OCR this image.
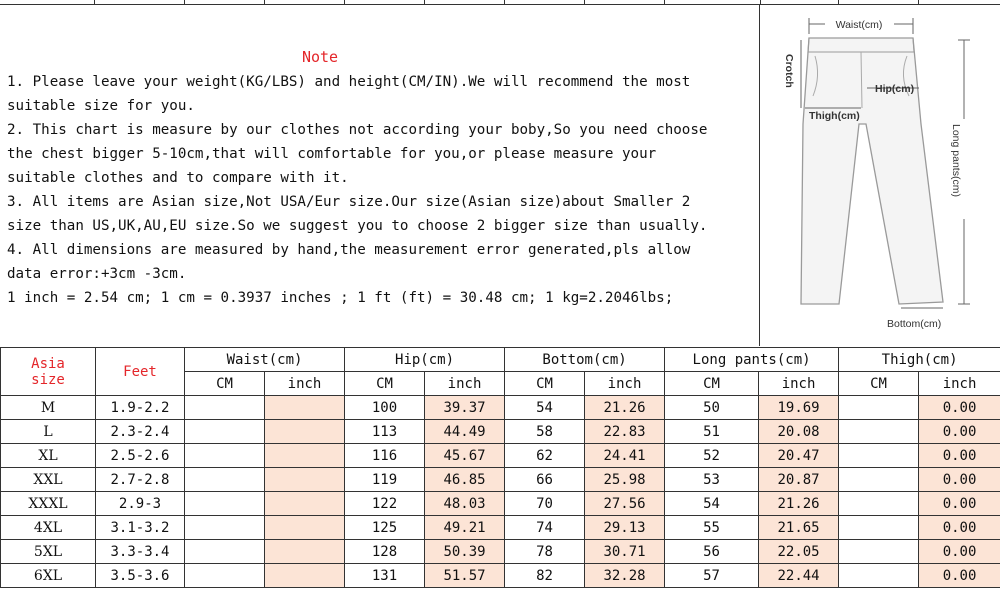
Note
1. Please leave your weight(KG/LBS) and height(CM/IN).We will recommend the most
suitable size for you.
2. This chart is measure by our clothes not according your boby,So you need choose
the chest bigger 5-10cm,that will comfortable for you,or please measure your
suitable clothes and to compare with it.
3. All items are Asian size,Not USA/Eur size.Our size(Asian size)about Smaller 2
size than US,UK,AU,EU size.So we suggest you to choose 2 bigger size than usually.
4. All dimensions are measured by hand,the measurement error generated,pls allow
data error:+3cm -3cm.
1 inch = 2.54 cm; 1 cm = 0.3937 inches ; 1 ft (ft) = 30.48 cm; 1 kg=2.2046lbs;
Waist(cm)
Crotch
Hip(cm)
Thigh(cm)
Long pants(cm)
Bottom(cm)
Asia
size	Feet	Waist(cm)		Hip(cm)		Bottom(cm)		Long pants(cm)		Thigh(cm)	
		CM	inch	CM	inch	CM	inch	CM	inch	CM	inch
M	1.9-2.2			100	39.37	54	21.26	50	19.69		0.00
L	2.3-2.4			113	44.49	58	22.83	51	20.08		0.00
XL	2.5-2.6			116	45.67	62	24.41	52	20.47		0.00
XXL	2.7-2.8			119	46.85	66	25.98	53	20.87		0.00
XXXL	2.9-3			122	48.03	70	27.56	54	21.26		0.00
4XL	3.1-3.2			125	49.21	74	29.13	55	21.65		0.00
5XL	3.3-3.4			128	50.39	78	30.71	56	22.05		0.00
6XL	3.5-3.6			131	51.57	82	32.28	57	22.44		0.00
